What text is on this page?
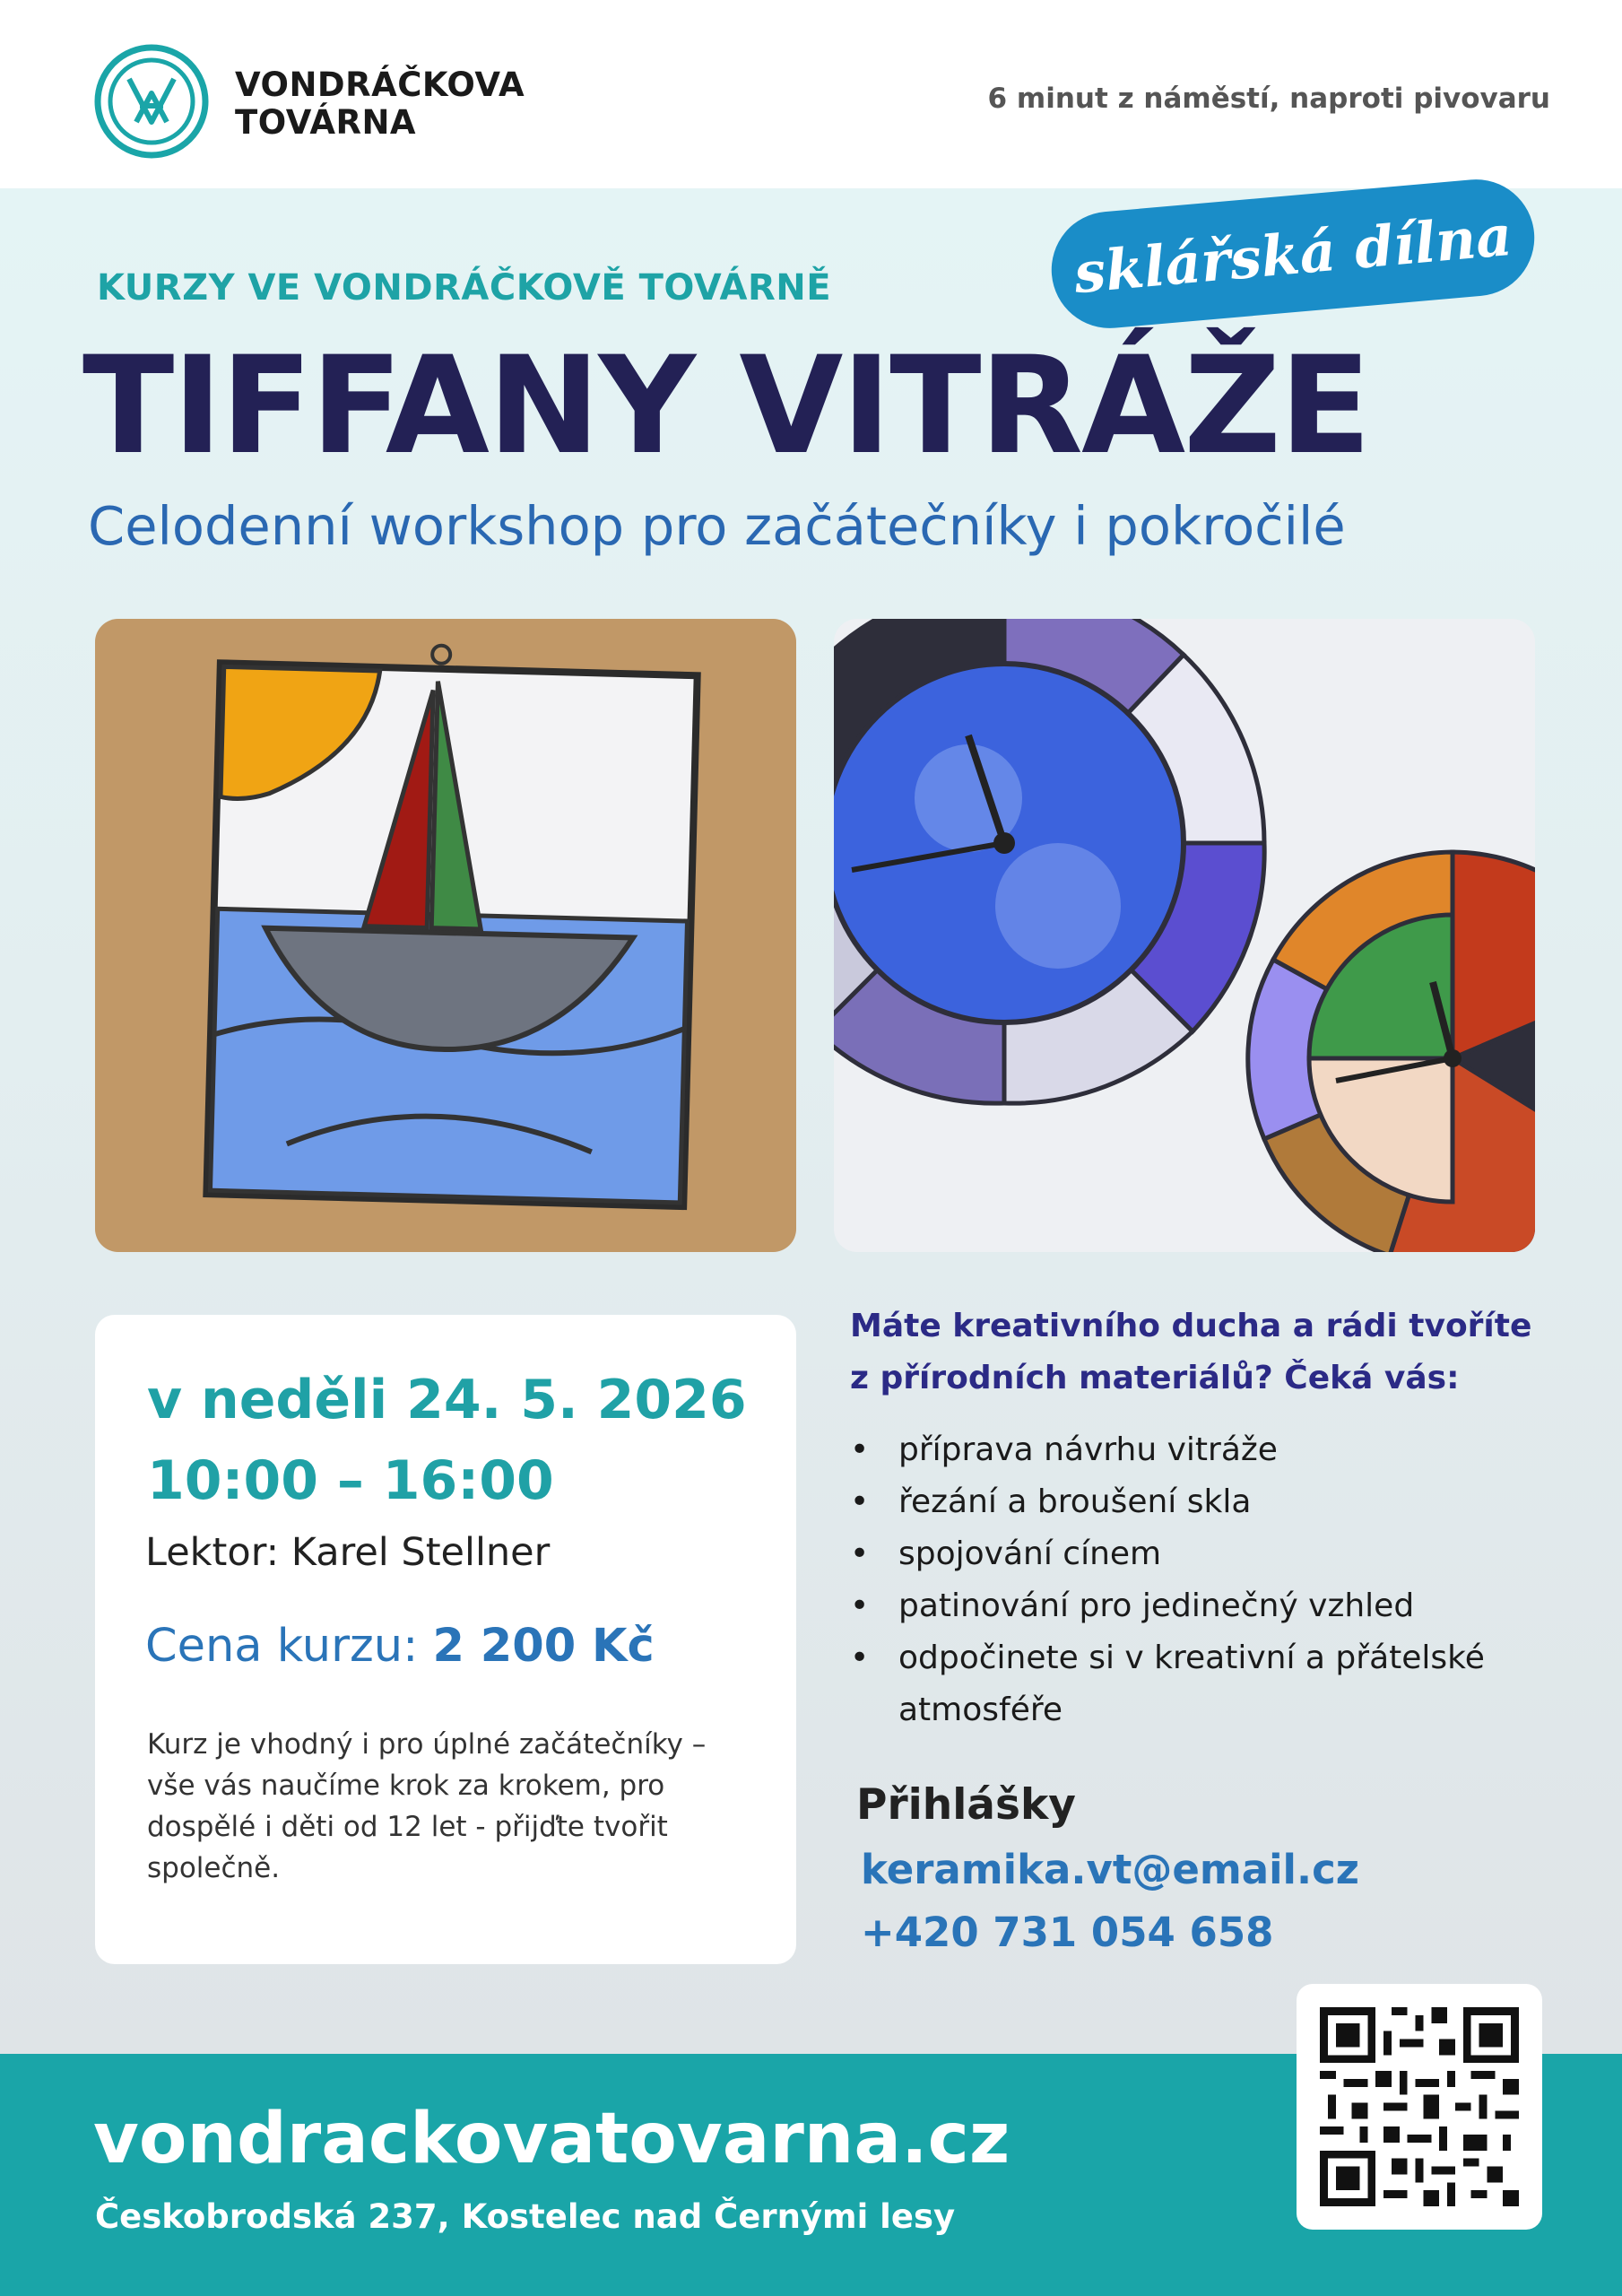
VONDRÁČKOVA
TOVÁRNA
6 minut z náměstí, naproti pivovaru
KURZY VE VONDRÁČKOVĚ TOVÁRNĚ	sklářská dílna
TIFFANY VITRÁŽE
Celodenní workshop pro začátečníky i pokročilé
v neděli 24. 5. 2026
10:00 – 16:00
Lektor: Karel Stellner
Cena kurzu: 2 200 Kč
Kurz je vhodný i pro úplné začátečníky – vše vás naučíme krok za krokem, pro dospělé i děti od 12 let - přijďte tvořit společně.
Máte kreativního ducha a rádi tvoříte z přírodních materiálů? Čeká vás:
• příprava návrhu vitráže
• řezání a broušení skla
• spojování cínem
• patinování pro jedinečný vzhled
• odpočinete si v kreativní a přátelské atmosféře
Přihlášky
keramika.vt@email.cz
+420 731 054 658
vondrackovatovarna.cz
Českobrodská 237, Kostelec nad Černými lesy
